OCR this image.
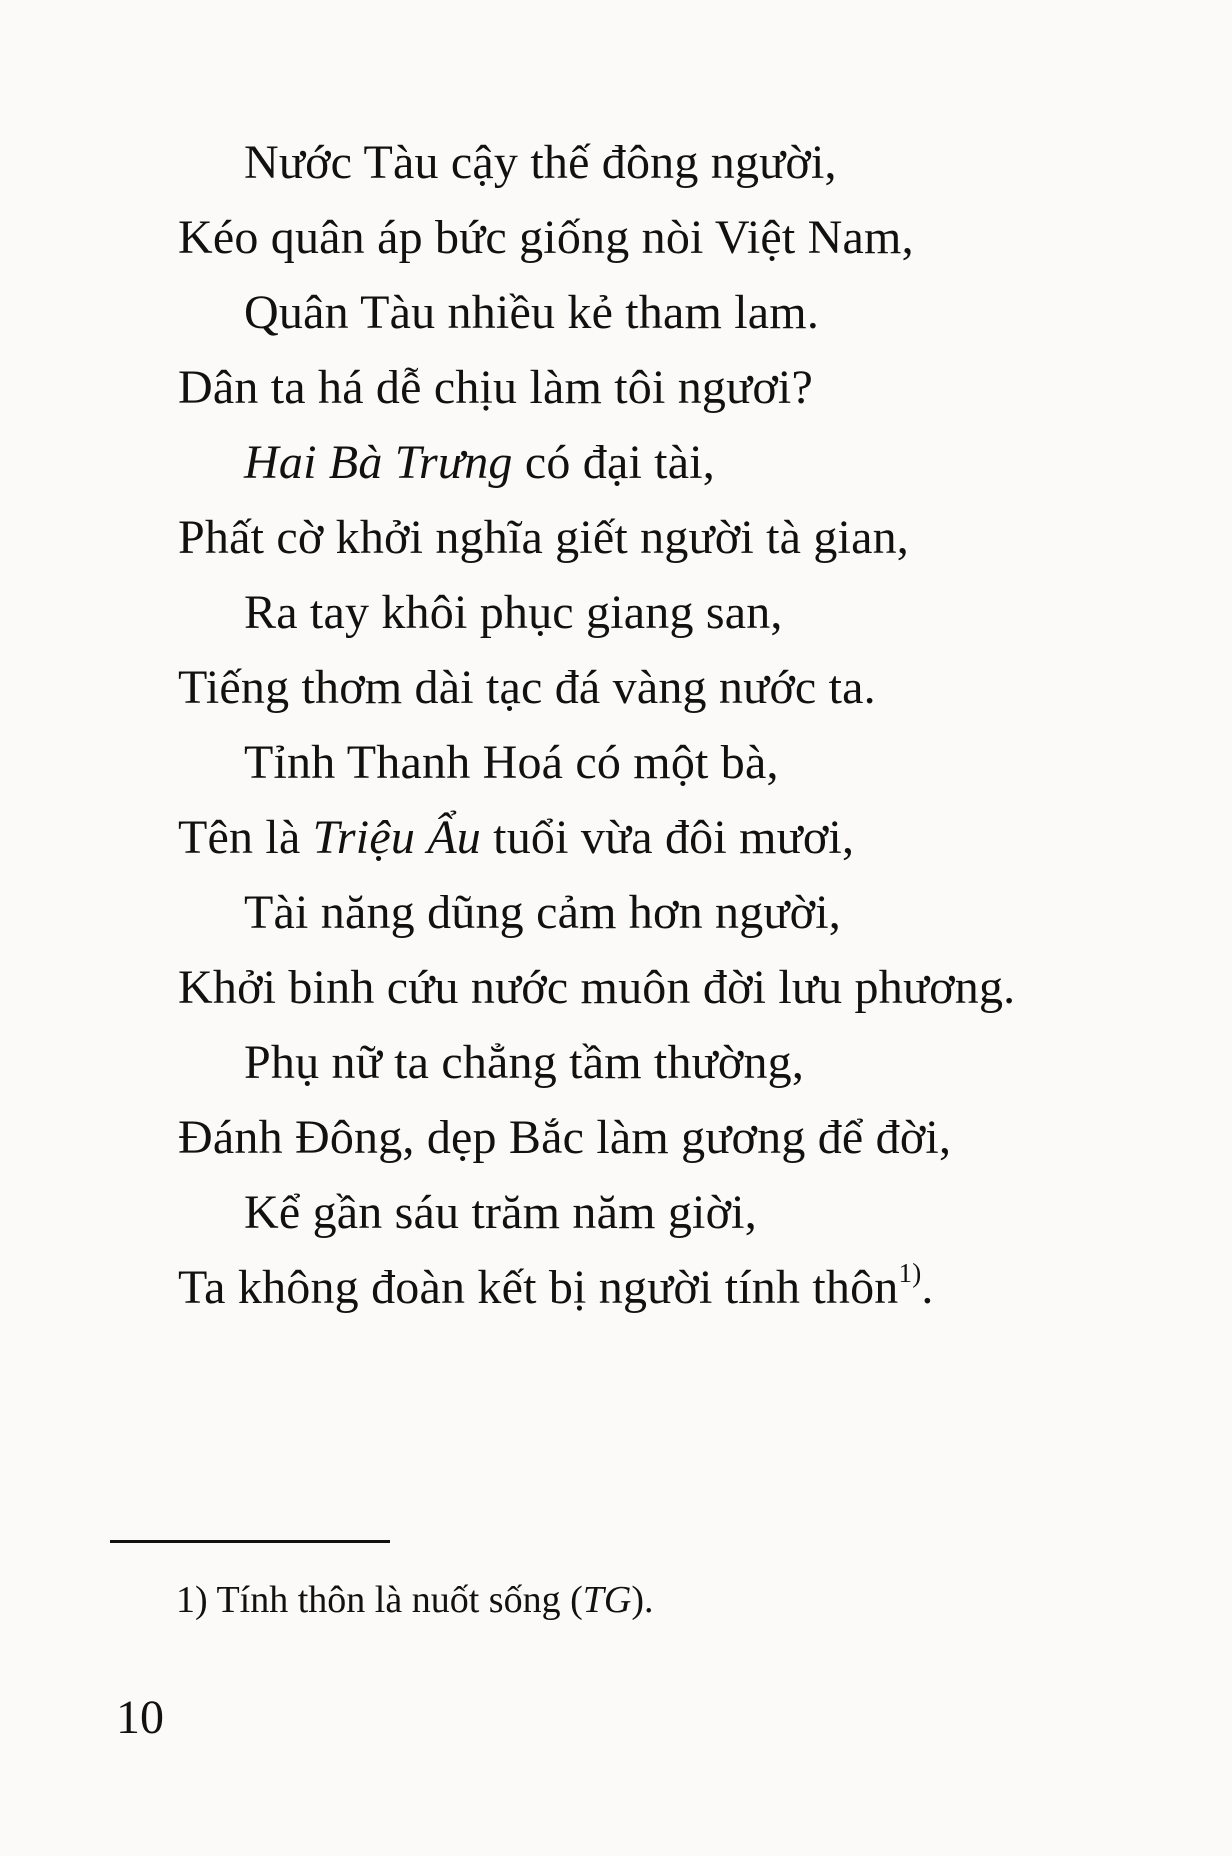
Nước Tàu cậy thế đông người,
Kéo quân áp bức giống nòi Việt Nam,
Quân Tàu nhiều kẻ tham lam.
Dân ta há dễ chịu làm tôi ngươi?
Hai Bà Trưng có đại tài,
Phất cờ khởi nghĩa giết người tà gian,
Ra tay khôi phục giang san,
Tiếng thơm dài tạc đá vàng nước ta.
Tỉnh Thanh Hoá có một bà,
Tên là Triệu Ẩu tuổi vừa đôi mươi,
Tài năng dũng cảm hơn người,
Khởi binh cứu nước muôn đời lưu phương.
Phụ nữ ta chẳng tầm thường,
Đánh Đông, dẹp Bắc làm gương để đời,
Kể gần sáu trăm năm giời,
Ta không đoàn kết bị người tính thôn$^{1)}$.
1) Tính thôn là nuốt sống (TG).
10
